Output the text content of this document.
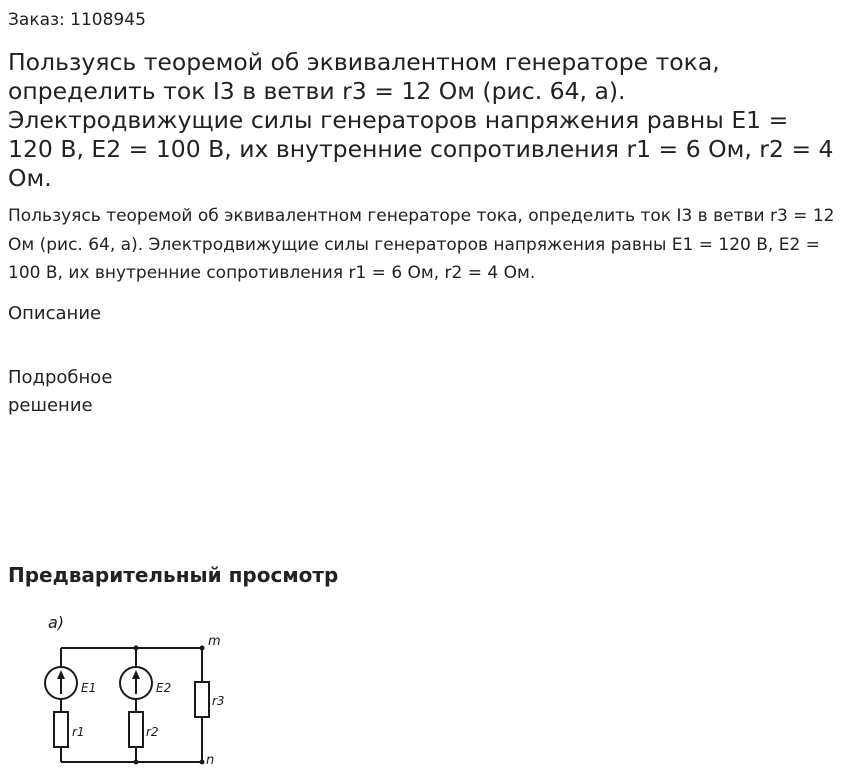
Заказ: 1108945
Пользуясь теоремой об эквивалентном генераторе тока, определить ток I3 в ветви r3 = 12 Ом (рис. 64, а). Электродвижущие силы генераторов напряжения равны Е1 = 120 В, Е2 = 100 В, их внутренние сопротивления r1 = 6 Ом, r2 = 4 Ом.

Пользуясь теоремой об эквивалентном генераторе тока, определить ток I3 в ветви r3 = 12 Ом (рис. 64, а). Электродвижущие силы генераторов напряжения равны Е1 = 120 В, Е2 = 100 В, их внутренние сопротивления r1 = 6 Ом, r2 = 4 Ом.

Описание
Подробное решение
Предварительный просмотр
а)
m
n
E1	E2
r1	r2
r3
